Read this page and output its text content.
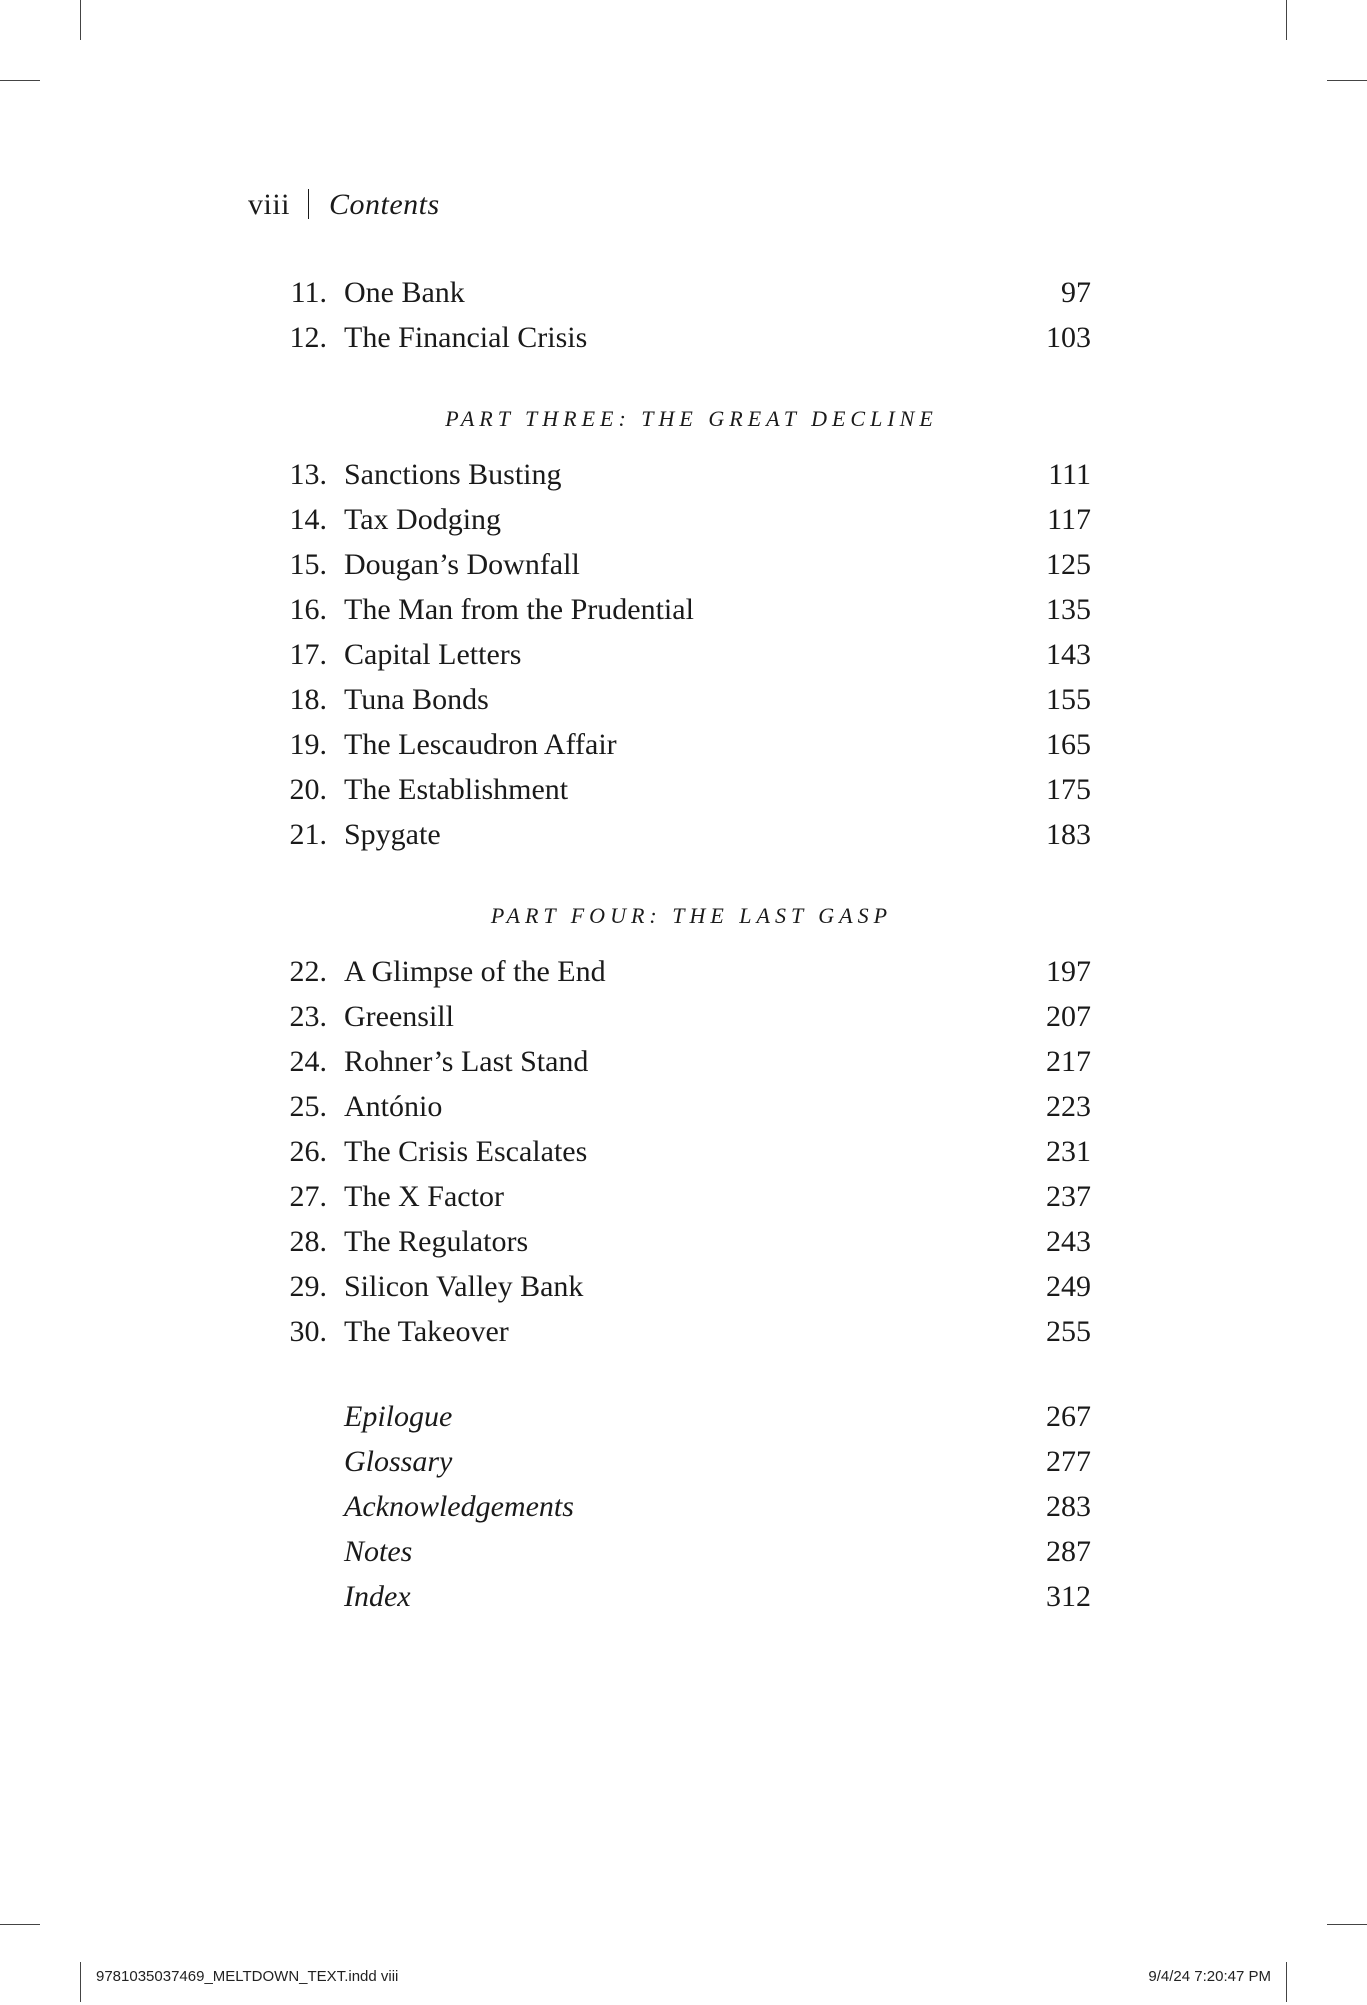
viii Contents
11. One Bank	97
12. The Financial Crisis	103
PART THREE: THE GREAT DECLINE
13. Sanctions Busting	111
14. Tax Dodging	117
15. Dougan’s Downfall	125
16. The Man from the Prudential	135
17. Capital Letters	143
18. Tuna Bonds	155
19. The Lescaudron Affair	165
20. The Establishment	175
21. Spygate	183
PART FOUR: THE LAST GASP
22. A Glimpse of the End	197
23. Greensill	207
24. Rohner’s Last Stand	217
25. António	223
26. The Crisis Escalates	231
27. The X Factor	237
28. The Regulators	243
29. Silicon Valley Bank	249
30. The Takeover	255
Epilogue	267
Glossary	277
Acknowledgements	283
Notes	287
Index	312
9781035037469_MELTDOWN_TEXT.indd viii	9/4/24 7:20:47 PM
